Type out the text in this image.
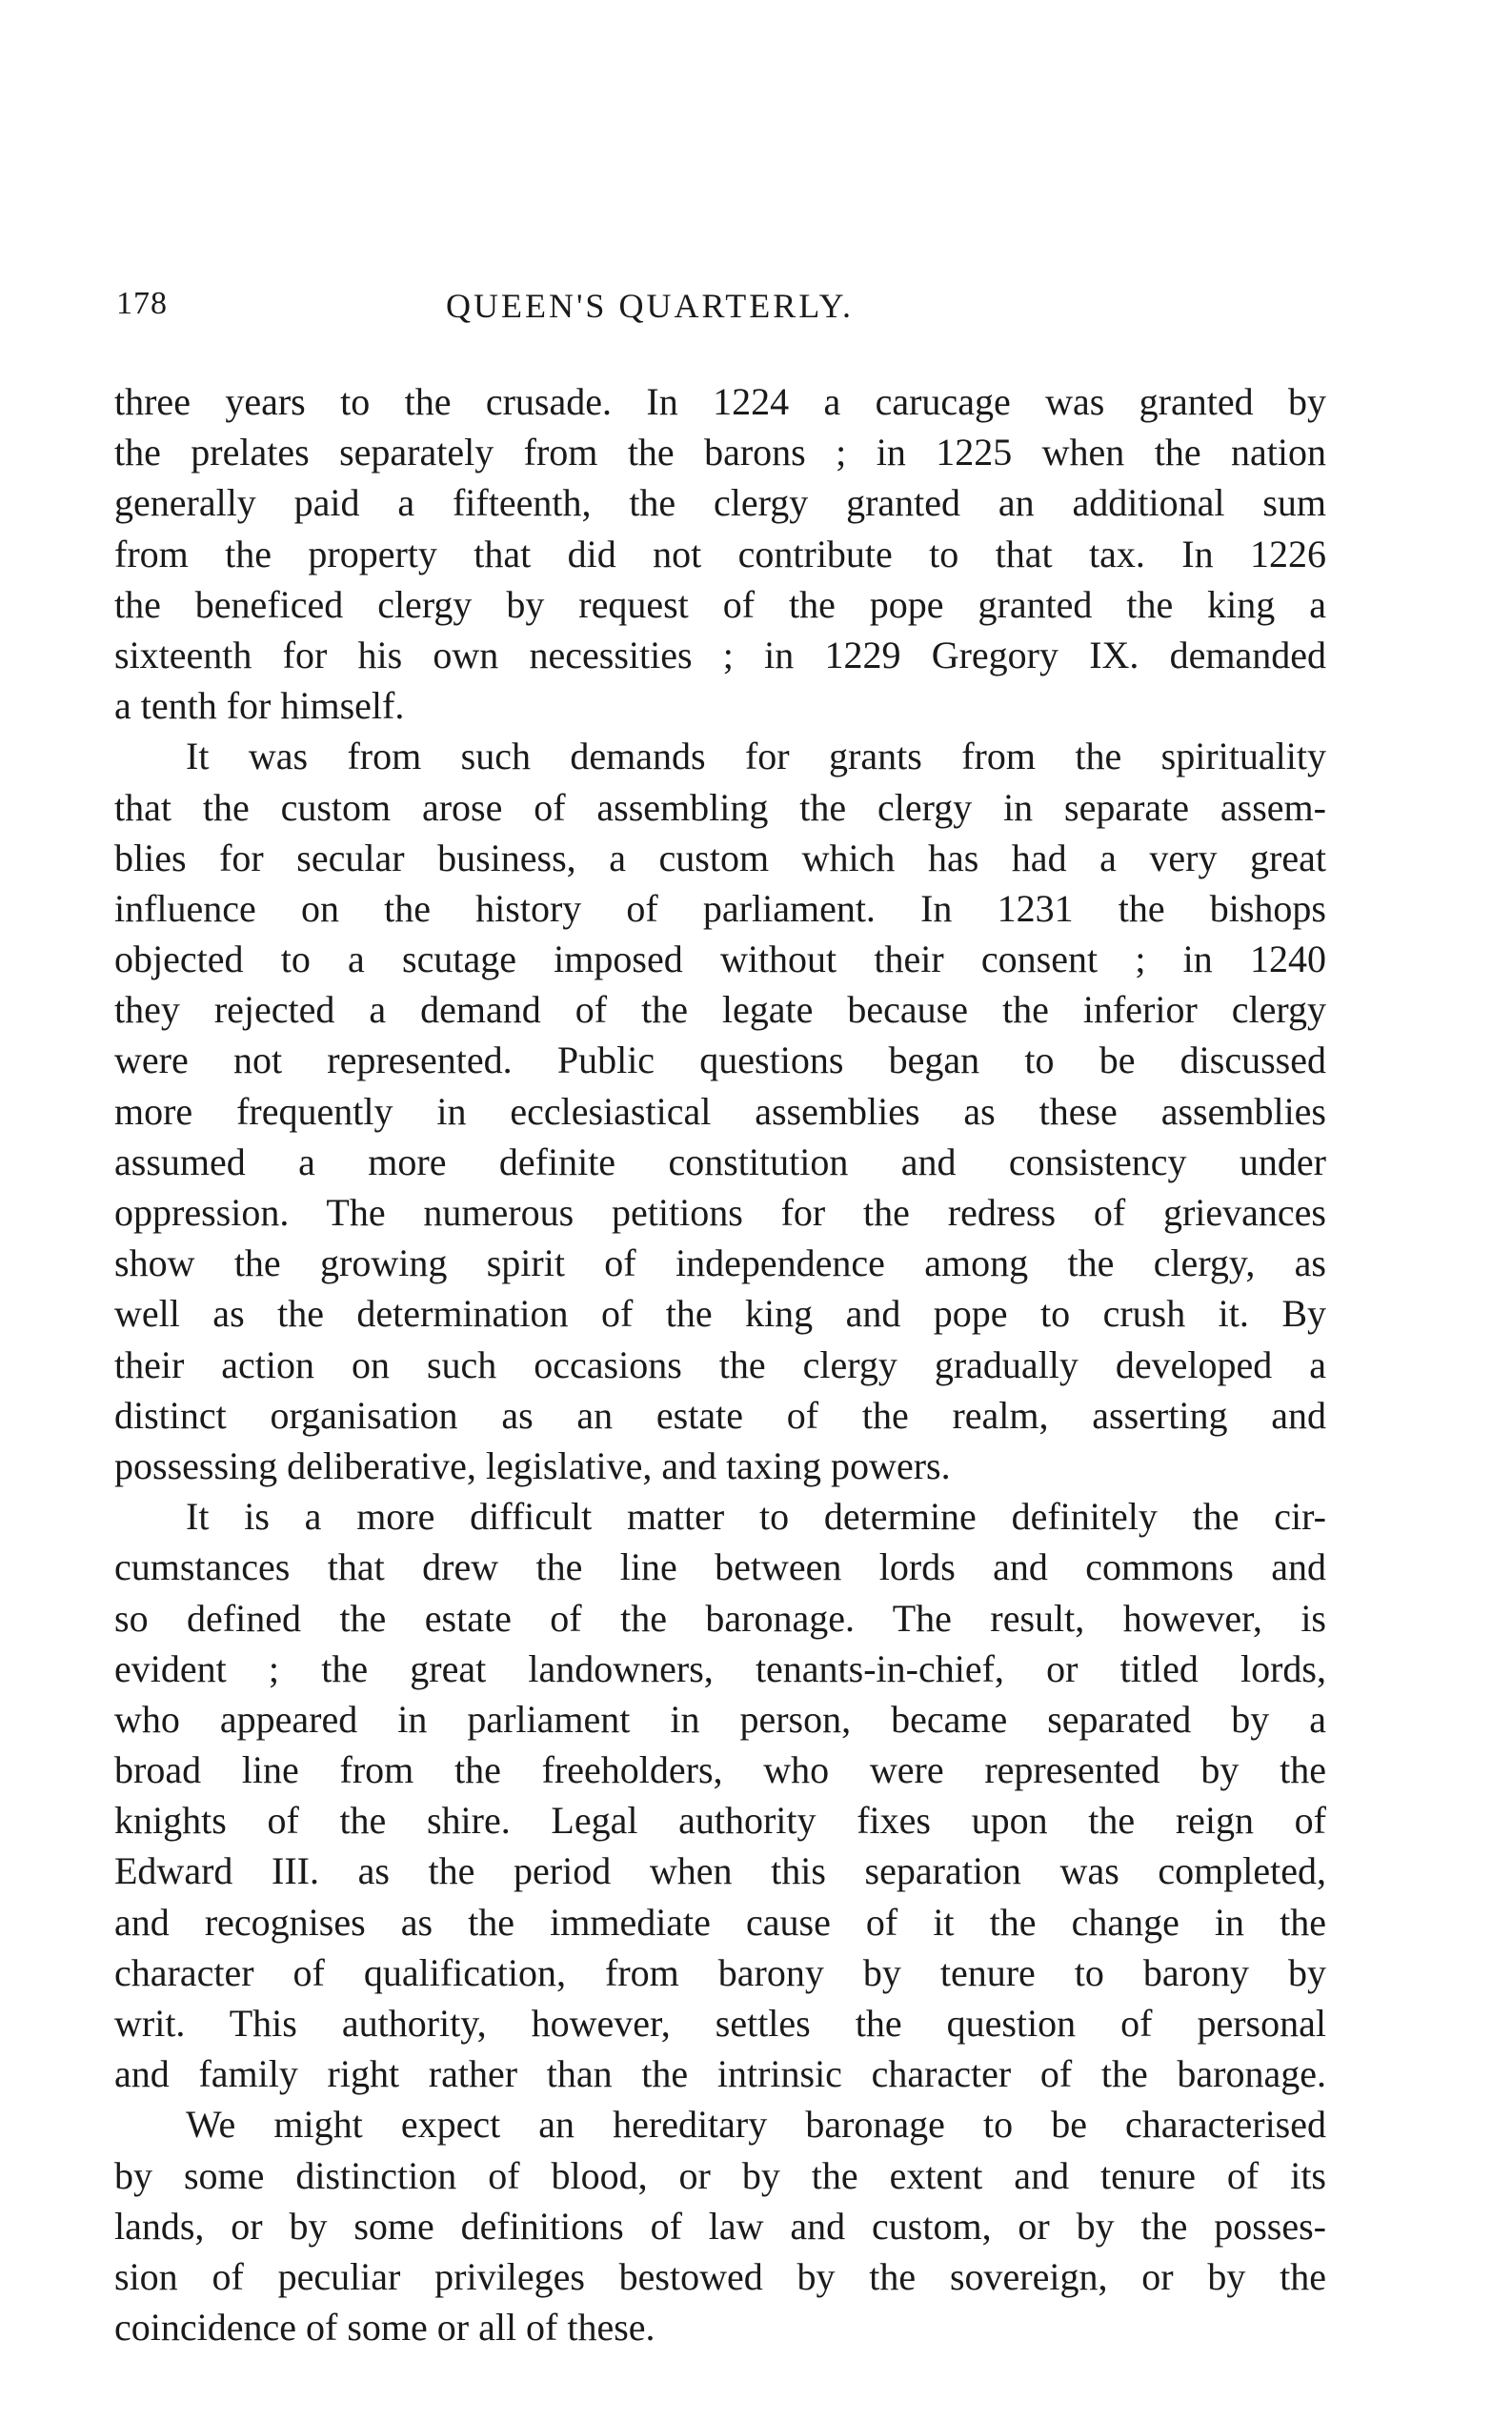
178	QUEEN'S QUARTERLY.
three years to the crusade. In 1224 a carucage was granted by
the prelates separately from the barons ; in 1225 when the nation
generally paid a fifteenth, the clergy granted an additional sum
from the property that did not contribute to that tax. In 1226
the beneficed clergy by request of the pope granted the king a
sixteenth for his own necessities ; in 1229 Gregory IX. demanded
a tenth for himself.
It was from such demands for grants from the spirituality
that the custom arose of assembling the clergy in separate assem-
blies for secular business, a custom which has had a very great
influence on the history of parliament. In 1231 the bishops
objected to a scutage imposed without their consent ; in 1240
they rejected a demand of the legate because the inferior clergy
were not represented. Public questions began to be discussed
more frequently in ecclesiastical assemblies as these assemblies
assumed a more definite constitution and consistency under
oppression. The numerous petitions for the redress of grievances
show the growing spirit of independence among the clergy, as
well as the determination of the king and pope to crush it. By
their action on such occasions the clergy gradually developed a
distinct organisation as an estate of the realm, asserting and
possessing deliberative, legislative, and taxing powers.
It is a more difficult matter to determine definitely the cir-
cumstances that drew the line between lords and commons and
so defined the estate of the baronage. The result, however, is
evident ; the great landowners, tenants-in-chief, or titled lords,
who appeared in parliament in person, became separated by a
broad line from the freeholders, who were represented by the
knights of the shire. Legal authority fixes upon the reign of
Edward III. as the period when this separation was completed,
and recognises as the immediate cause of it the change in the
character of qualification, from barony by tenure to barony by
writ. This authority, however, settles the question of personal
and family right rather than the intrinsic character of the baronage.
We might expect an hereditary baronage to be characterised
by some distinction of blood, or by the extent and tenure of its
lands, or by some definitions of law and custom, or by the posses-
sion of peculiar privileges bestowed by the sovereign, or by the
coincidence of some or all of these.
